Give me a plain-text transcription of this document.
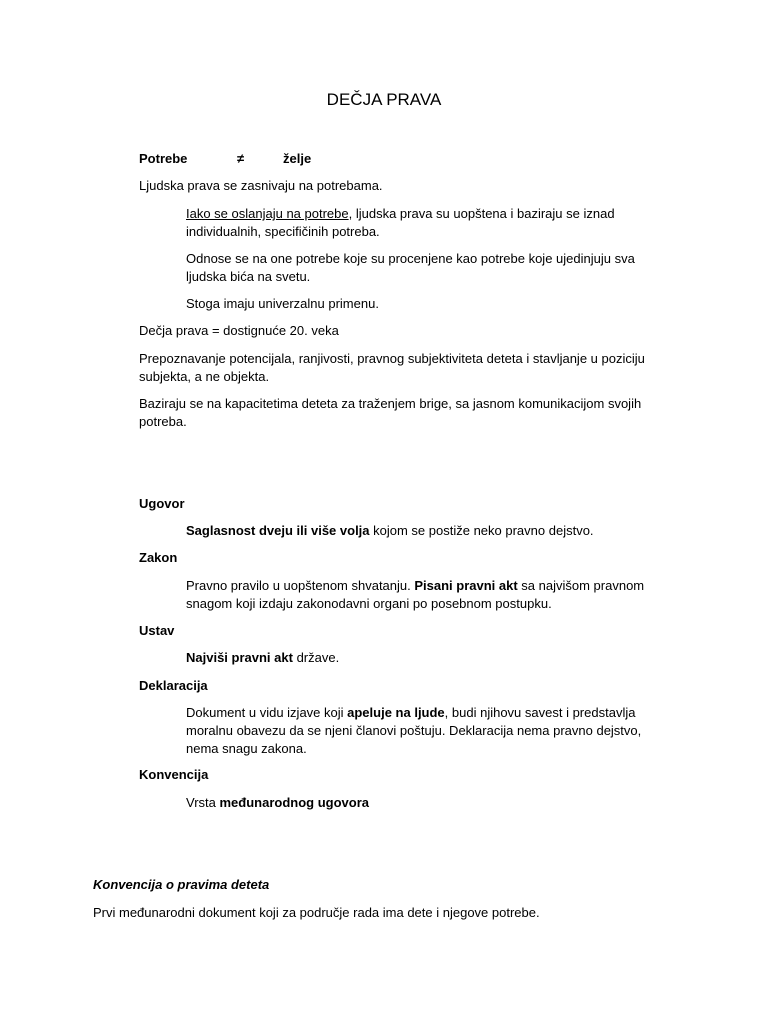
DEČJA PRAVA
Potrebe	≠	želje
Ljudska prava se zasnivaju na potrebama.
Iako se oslanjaju na potrebe, ljudska prava su uopštena i baziraju se iznad individualnih, specifičinih potreba.
Odnose se na one potrebe koje su procenjene kao potrebe koje ujedinjuju sva ljudska bića na svetu.
Stoga imaju univerzalnu primenu.
Dečja prava = dostignuće 20. veka
Prepoznavanje potencijala, ranjivosti, pravnog subjektiviteta deteta i stavljanje u poziciju subjekta, a ne objekta.
Baziraju se na kapacitetima deteta za traženjem brige, sa jasnom komunikacijom svojih potreba.
Ugovor
Saglasnost dveju ili više volja kojom se postiže neko pravno dejstvo.
Zakon
Pravno pravilo u uopštenom shvatanju. Pisani pravni akt sa najvišom pravnom snagom koji izdaju zakonodavni organi po posebnom postupku.
Ustav
Najviši pravni akt države.
Deklaracija
Dokument u vidu izjave koji apeluje na ljude, budi njihovu savest i predstavlja moralnu obavezu da se njeni članovi poštuju. Deklaracija nema pravno dejstvo, nema snagu zakona.
Konvencija
Vrsta međunarodnog ugovora
Konvencija o pravima deteta
Prvi međunarodni dokument koji za područje rada ima dete i njegove potrebe.
